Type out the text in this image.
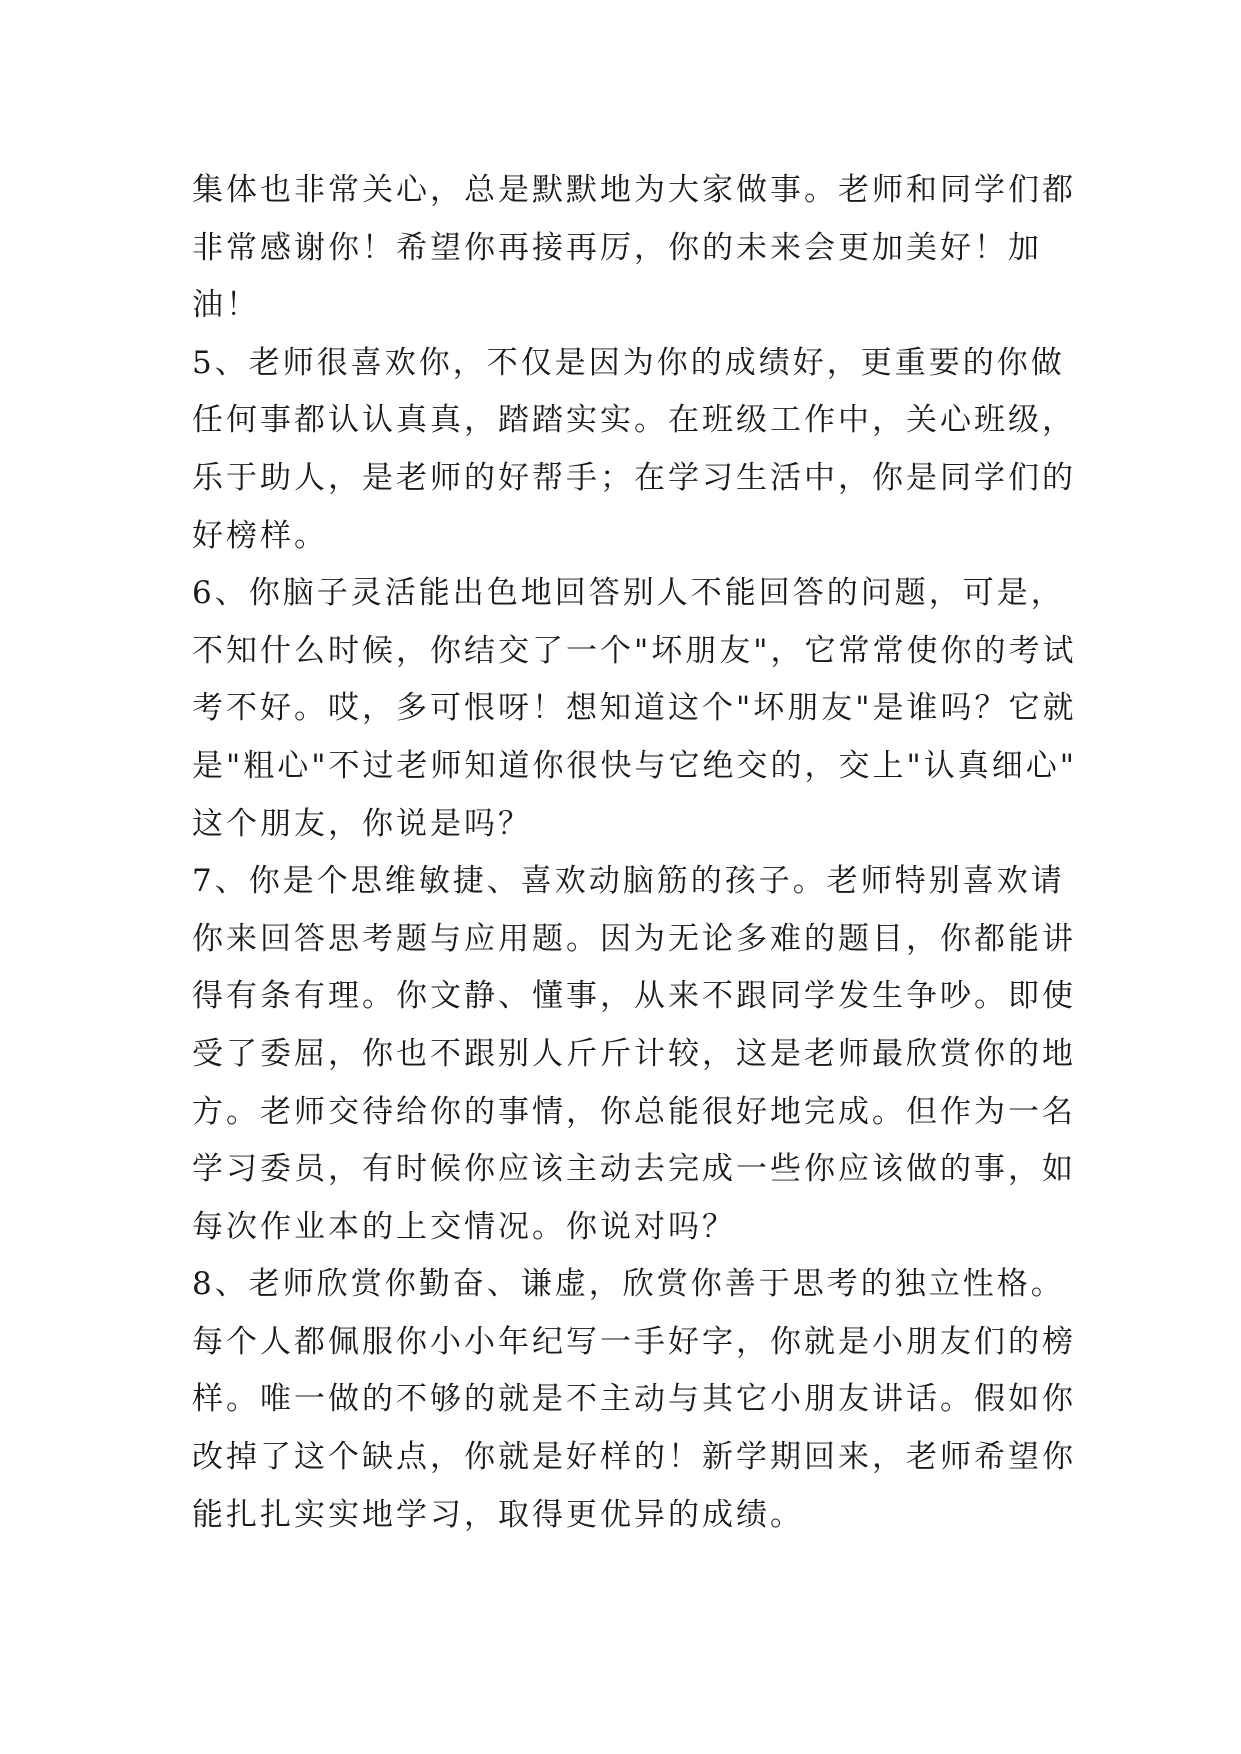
集体也非常关心，总是默默地为大家做事。老师和同学们都
非常感谢你！希望你再接再厉，你的未来会更加美好！加
油！
5、老师很喜欢你，不仅是因为你的成绩好，更重要的你做
任何事都认认真真，踏踏实实。在班级工作中，关心班级，
乐于助人，是老师的好帮手；在学习生活中，你是同学们的
好榜样。
6、你脑子灵活能出色地回答别人不能回答的问题，可是，
不知什么时候，你结交了一个"坏朋友"，它常常使你的考试
考不好。哎，多可恨呀！想知道这个"坏朋友"是谁吗？它就
是"粗心"不过老师知道你很快与它绝交的，交上"认真细心"
这个朋友，你说是吗？
7、你是个思维敏捷、喜欢动脑筋的孩子。老师特别喜欢请
你来回答思考题与应用题。因为无论多难的题目，你都能讲
得有条有理。你文静、懂事，从来不跟同学发生争吵。即使
受了委屈，你也不跟别人斤斤计较，这是老师最欣赏你的地
方。老师交待给你的事情，你总能很好地完成。但作为一名
学习委员，有时候你应该主动去完成一些你应该做的事，如
每次作业本的上交情况。你说对吗？
8、老师欣赏你勤奋、谦虚，欣赏你善于思考的独立性格。
每个人都佩服你小小年纪写一手好字，你就是小朋友们的榜
样。唯一做的不够的就是不主动与其它小朋友讲话。假如你
改掉了这个缺点，你就是好样的！新学期回来，老师希望你
能扎扎实实地学习，取得更优异的成绩。
